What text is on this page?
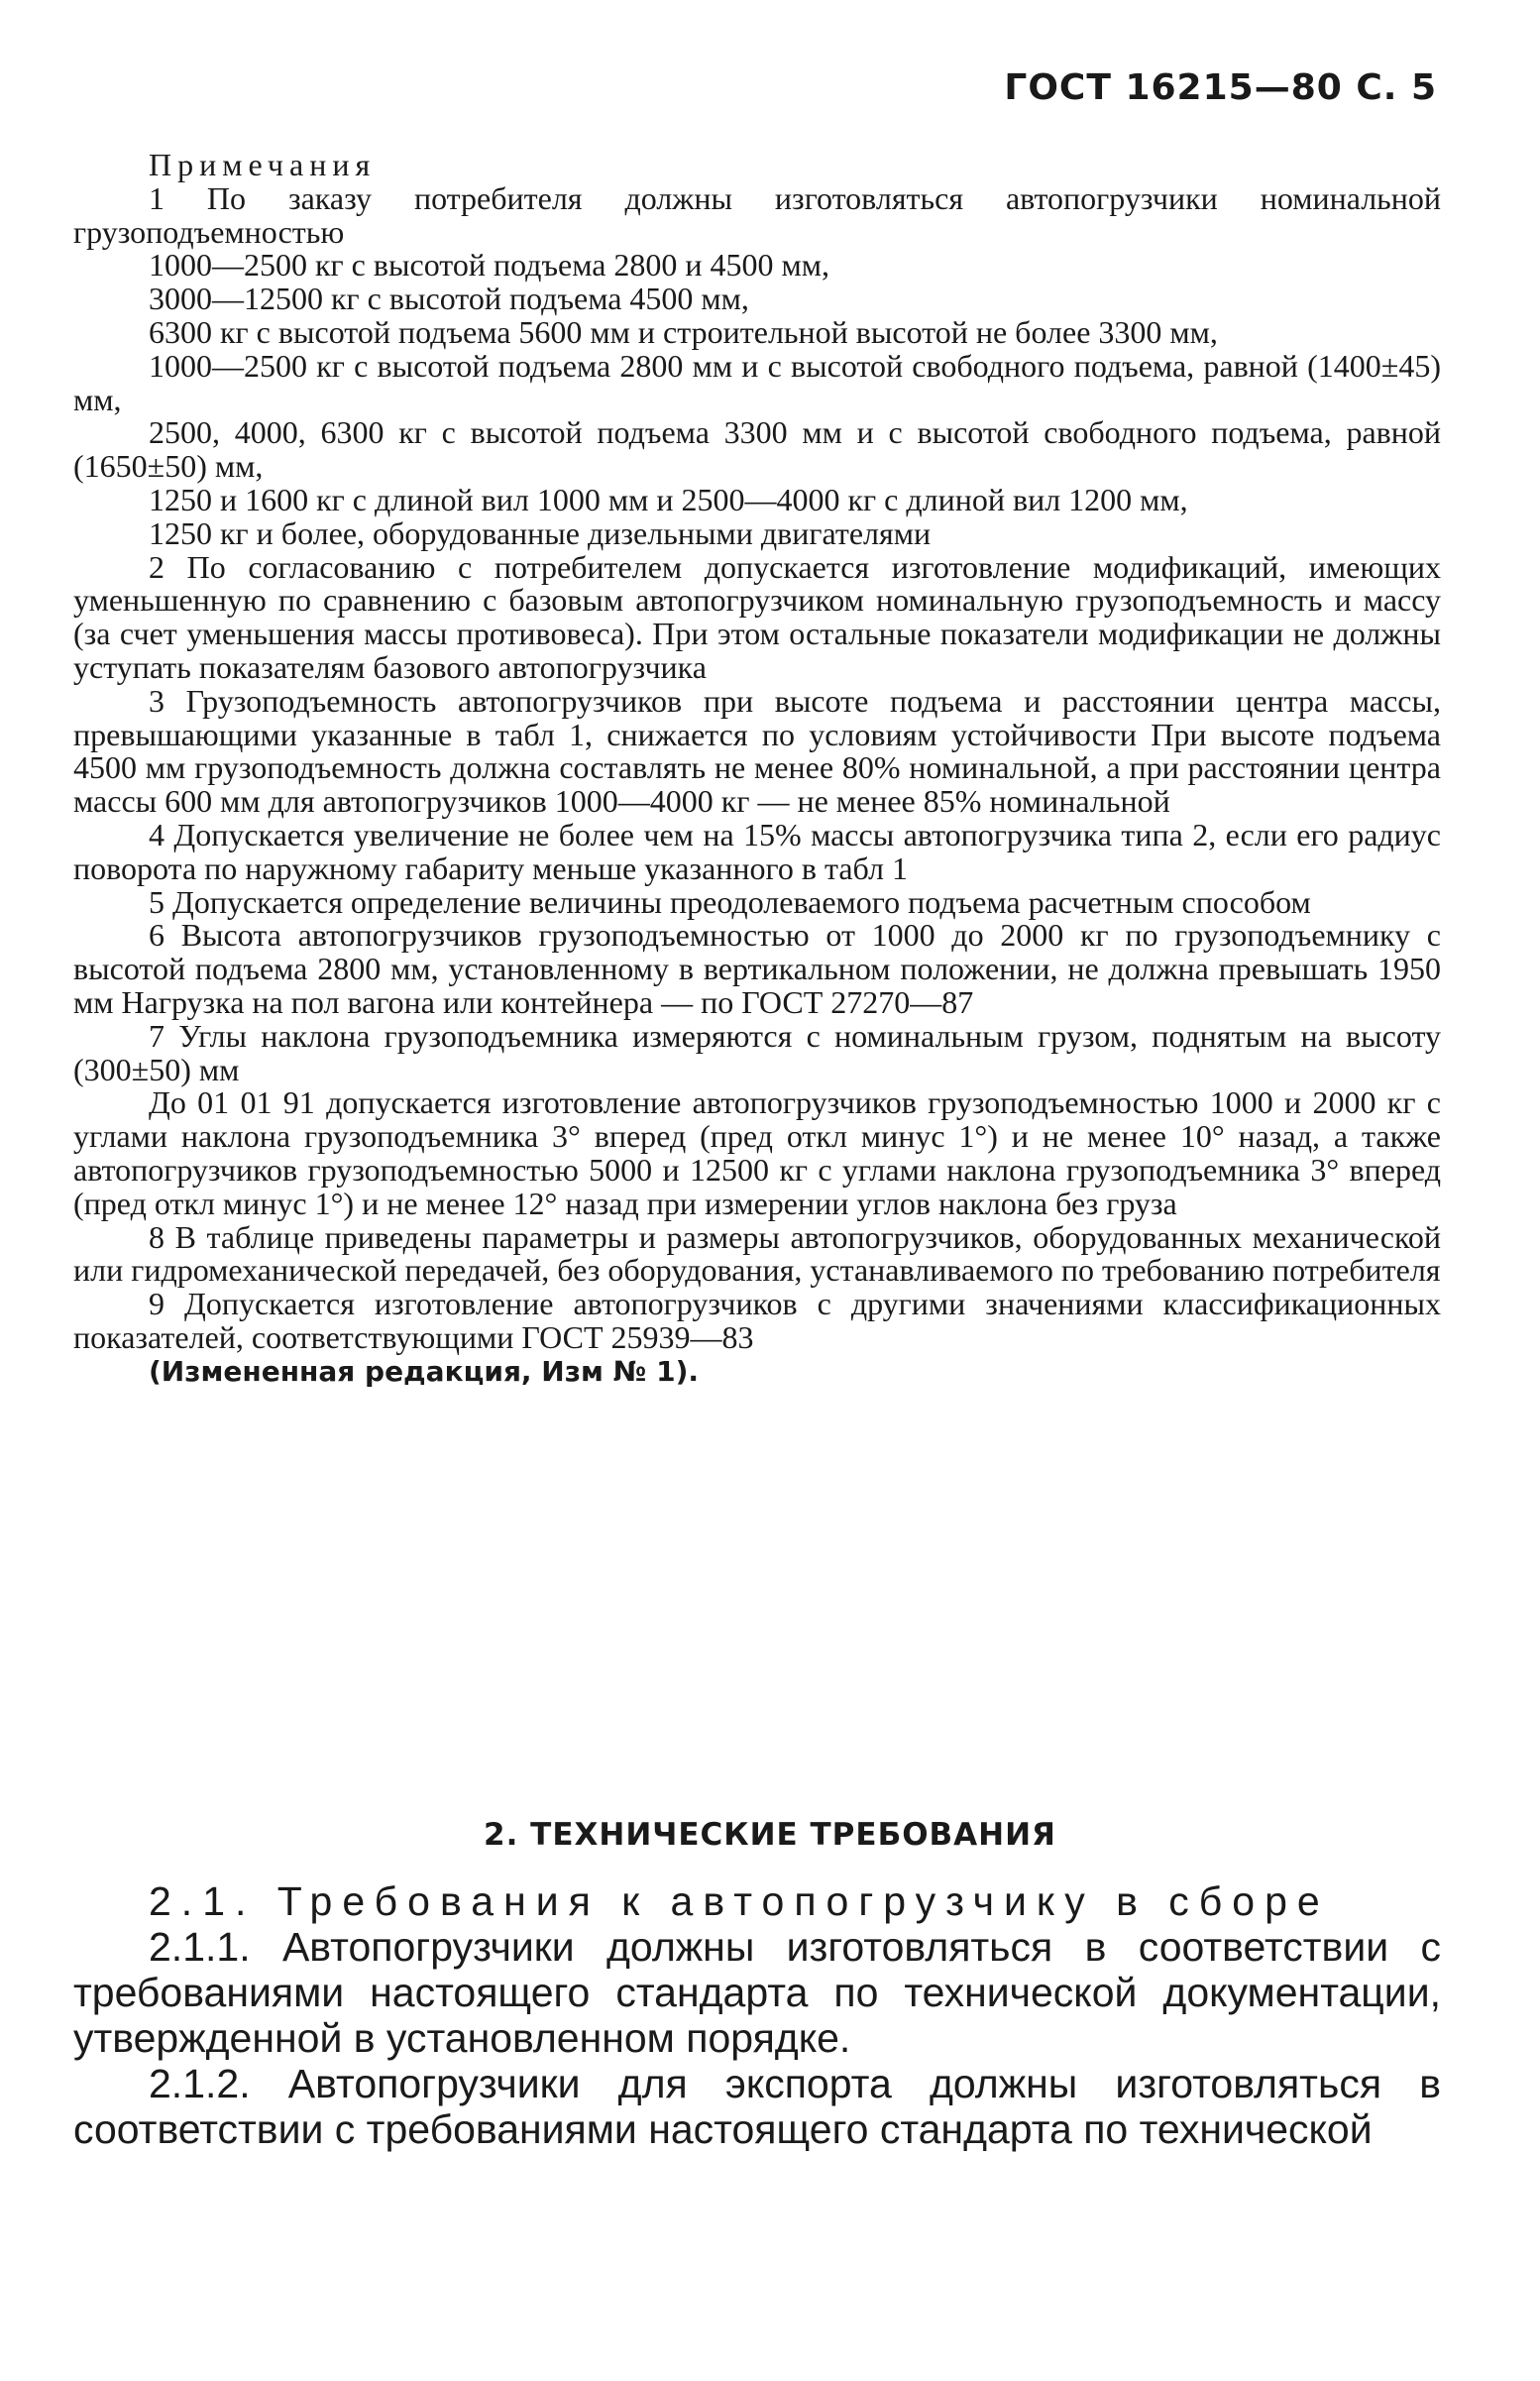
ГОСТ 16215—80 С. 5

Примечания

1 По заказу потребителя должны изготовляться автопогрузчики номинальной грузоподъемностью

1000—2500 кг с высотой подъема 2800 и 4500 мм,

3000—12500 кг с высотой подъема 4500 мм,

6300 кг с высотой подъема 5600 мм и строительной высотой не более 3300 мм,

1000—2500 кг с высотой подъема 2800 мм и с высотой свободного подъема, равной (1400±45) мм,

2500, 4000, 6300 кг с высотой подъема 3300 мм и с высотой свободного подъема, равной (1650±50) мм,

1250 и 1600 кг с длиной вил 1000 мм и 2500—4000 кг с длиной вил 1200 мм,

1250 кг и более, оборудованные дизельными двигателями

2 По согласованию с потребителем допускается изготовление модификаций, имеющих уменьшенную по сравнению с базовым автопогрузчиком номинальную грузоподъемность и массу (за счет уменьшения массы противовеса). При этом остальные показатели модификации не должны уступать показателям базового автопогрузчика

3 Грузоподъемность автопогрузчиков при высоте подъема и расстоянии центра массы, превышающими указанные в табл 1, снижается по условиям устойчивости При высоте подъема 4500 мм грузоподъемность должна составлять не менее 80% номинальной, а при расстоянии центра массы 600 мм для автопогрузчиков 1000—4000 кг — не менее 85% номинальной

4 Допускается увеличение не более чем на 15% массы автопогрузчика типа 2, если его радиус поворота по наружному габариту меньше указанного в табл 1

5 Допускается определение величины преодолеваемого подъема расчетным способом

6 Высота автопогрузчиков грузоподъемностью от 1000 до 2000 кг по грузоподъемнику с высотой подъема 2800 мм, установленному в вертикальном положении, не должна превышать 1950 мм Нагрузка на пол вагона или контейнера — по ГОСТ 27270—87

7 Углы наклона грузоподъемника измеряются с номинальным грузом, поднятым на высоту (300±50) мм

До 01 01 91 допускается изготовление автопогрузчиков грузоподъемностью 1000 и 2000 кг с углами наклона грузоподъемника 3° вперед (пред откл минус 1°) и не менее 10° назад, а также автопогрузчиков грузоподъемностью 5000 и 12500 кг с углами наклона грузоподъемника 3° вперед (пред откл минус 1°) и не менее 12° назад при измерении углов наклона без груза

8 В таблице приведены параметры и размеры автопогрузчиков, оборудованных механической или гидромеханической передачей, без оборудования, устанавливаемого по требованию потребителя

9 Допускается изготовление автопогрузчиков с другими значениями классификационных показателей, соответствующими ГОСТ 25939—83

(Измененная редакция, Изм № 1).

2. ТЕХНИЧЕСКИЕ ТРЕБОВАНИЯ

2.1. Требования к автопогрузчику в сборе

2.1.1. Автопогрузчики должны изготовляться в соответствии с требованиями настоящего стандарта по технической документации, утвержденной в установленном порядке.

2.1.2. Автопогрузчики для экспорта должны изготовляться в соответствии с требованиями настоящего стандарта по технической
